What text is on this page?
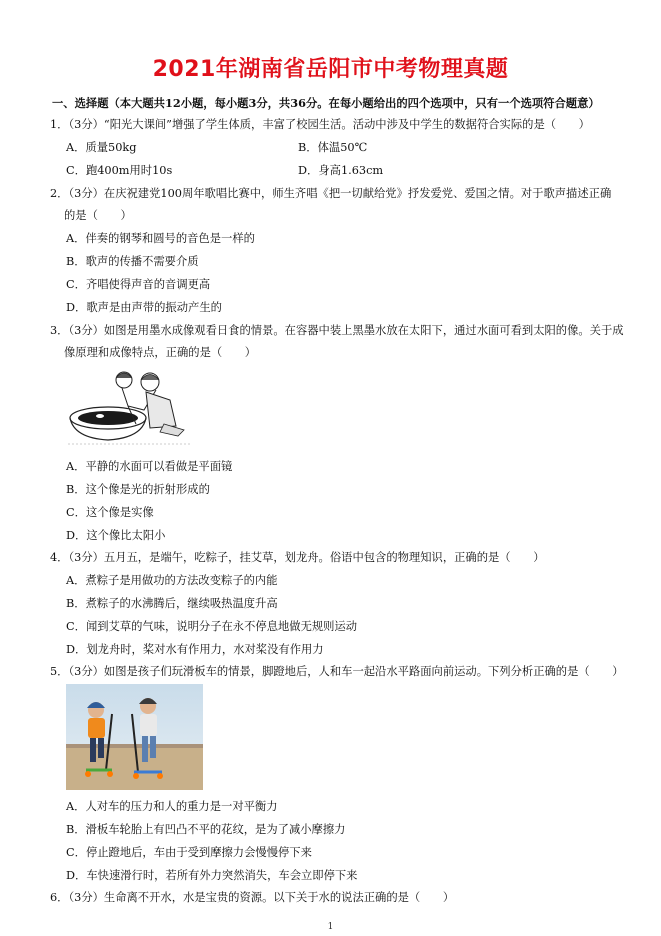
2021年湖南省岳阳市中考物理真题
一、选择题（本大题共12小题，每小题3分，共36分。在每小题给出的四个选项中，只有一个选项符合题意）
1．（3分）“阳光大课间”增强了学生体质，丰富了校园生活。活动中涉及中学生的数据符合实际的是（　　）
A．质量50kg	B．体温50℃
C．跑400m用时10s	D．身高1.63cm
2．（3分）在庆祝建党100周年歌唱比赛中，师生齐唱《把一切献给党》抒发爱党、爱国之情。对于歌声描述正确
的是（　　）
A．伴奏的钢琴和圆号的音色是一样的
B．歌声的传播不需要介质
C．齐唱使得声音的音调更高
D．歌声是由声带的振动产生的
3．（3分）如图是用墨水成像观看日食的情景。在容器中装上黑墨水放在太阳下，通过水面可看到太阳的像。关于成
像原理和成像特点，正确的是（　　）
A．平静的水面可以看做是平面镜
B．这个像是光的折射形成的
C．这个像是实像
D．这个像比太阳小
4．（3分）五月五，是端午，吃粽子，挂艾草，划龙舟。俗语中包含的物理知识，正确的是（　　）
A．煮粽子是用做功的方法改变粽子的内能
B．煮粽子的水沸腾后，继续吸热温度升高
C．闻到艾草的气味，说明分子在永不停息地做无规则运动
D．划龙舟时，桨对水有作用力，水对桨没有作用力
5．（3分）如图是孩子们玩滑板车的情景，脚蹬地后，人和车一起沿水平路面向前运动。下列分析正确的是（　　）
A．人对车的压力和人的重力是一对平衡力
B．滑板车轮胎上有凹凸不平的花纹，是为了减小摩擦力
C．停止蹬地后，车由于受到摩擦力会慢慢停下来
D．车快速滑行时，若所有外力突然消失，车会立即停下来
6．（3分）生命离不开水，水是宝贵的资源。以下关于水的说法正确的是（　　）
1
